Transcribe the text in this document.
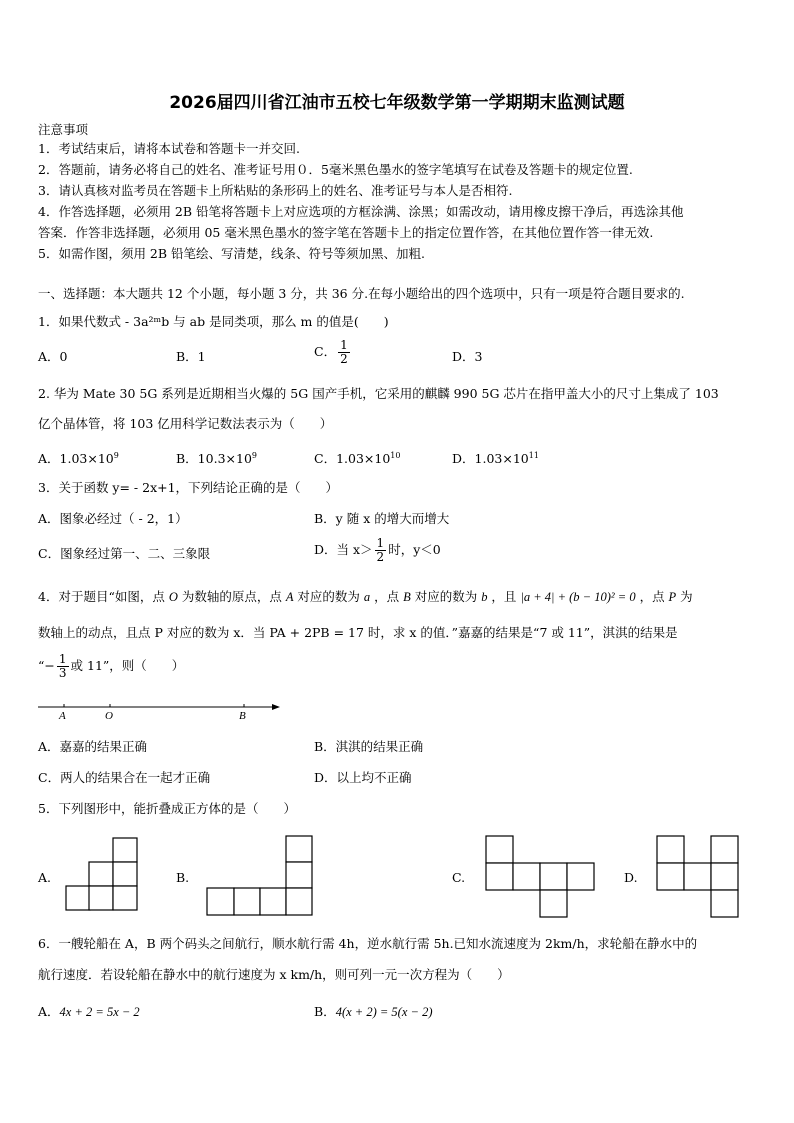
2026届四川省江油市五校七年级数学第一学期期末监测试题
注意事项
1．考试结束后，请将本试卷和答题卡一并交回.
2．答题前，请务必将自己的姓名、准考证号用０．5毫米黑色墨水的签字笔填写在试卷及答题卡的规定位置.
3．请认真核对监考员在答题卡上所粘贴的条形码上的姓名、准考证号与本人是否相符.
4．作答选择题，必须用 2B 铅笔将答题卡上对应选项的方框涂满、涂黑；如需改动，请用橡皮擦干净后，再选涂其他
答案．作答非选择题，必须用 05 毫米黑色墨水的签字笔在答题卡上的指定位置作答，在其他位置作答一律无效.
5．如需作图，须用 2B 铅笔绘、写清楚，线条、符号等须加黑、加粗.
一、选择题：本大题共 12 个小题，每小题 3 分，共 36 分.在每小题给出的四个选项中，只有一项是符合题目要求的.
1．如果代数式 - 3a²ᵐb 与 ab 是同类项，那么 m 的值是(　　)
A．0	B．1	C． $\frac{1}{2}$	D．3
2. 华为 Mate 30 5G 系列是近期相当火爆的 5G 国产手机，它采用的麒麟 990 5G 芯片在指甲盖大小的尺寸上集成了 103
亿个晶体管，将 103 亿用科学记数法表示为（　　）
A．$1.03\times 10^9$	B．$10.3\times 10^9$	C．$1.03\times 10^{10}$	D．$1.03\times 10^{11}$
3．关于函数 y= - 2x+1，下列结论正确的是（　　）
A．图象必经过（ - 2，1）	B．y 随 x 的增大而增大
C．图象经过第一、二、三象限	D．当 $x> \frac{1}{2}$ 时，y＜0
4．对于题目“如图，点 O 为数轴的原点，点 A 对应的数为 a ，点 B 对应的数为 b ，且 |a + 4| + (b − 10)² = 0 ，点 P 为
数轴上的动点，且点 P 对应的数为 x．当 PA + 2PB = 17 时，求 x 的值．”嘉嘉的结果是“7 或 11”，淇淇的结果是
“− $\frac{1}{3}$ 或 11”，则（　　）
A	O	B
A．嘉嘉的结果正确	B．淇淇的结果正确
C．两人的结果合在一起才正确	D．以上均不正确
5．下列图形中，能折叠成正方体的是（　　）
A.	B.	C.	D.
6．一艘轮船在 A，B 两个码头之间航行，顺水航行需 4h，逆水航行需 5h.已知水流速度为 2km/h，求轮船在静水中的
航行速度．若设轮船在静水中的航行速度为 x km/h，则可列一元一次方程为（　　）
A．4x + 2 = 5x − 2	B．4(x + 2) = 5(x − 2)
